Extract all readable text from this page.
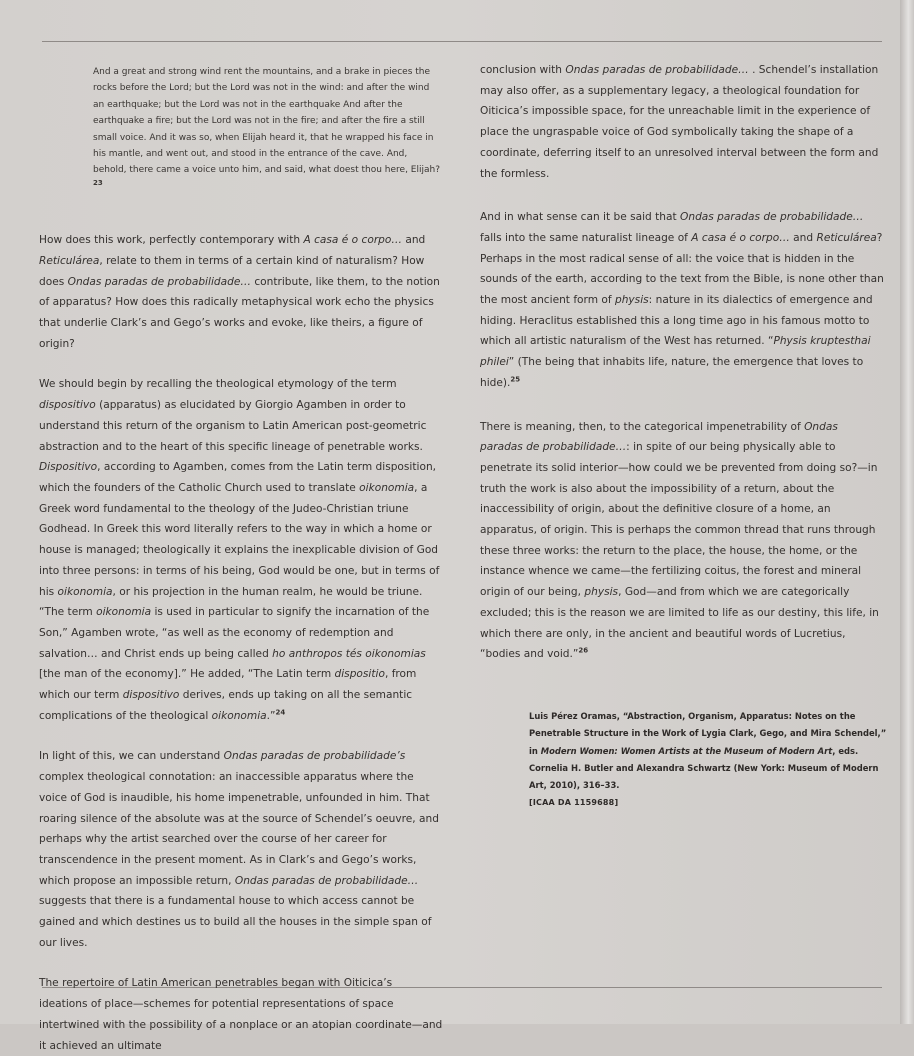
And a great and strong wind rent the mountains, and a brake in pieces the rocks before the Lord; but the Lord was not in the wind: and after the wind an earthquake; but the Lord was not in the earthquake And after the earthquake a fire; but the Lord was not in the fire; and after the fire a still small voice. And it was so, when Elijah heard it, that he wrapped his face in his mantle, and went out, and stood in the entrance of the cave. And, behold, there came a voice unto him, and said, what doest thou here, Elijah?$^{23}$

How does this work, perfectly contemporary with A casa é o corpo… and Reticulárea, relate to them in terms of a certain kind of naturalism? How does Ondas paradas de probabilidade… contribute, like them, to the notion of apparatus? How does this radically metaphysical work echo the physics that underlie Clark’s and Gego’s works and evoke, like theirs, a figure of origin?

We should begin by recalling the theological etymology of the term dispositivo (apparatus) as elucidated by Giorgio Agamben in order to understand this return of the organism to Latin American post-geometric abstraction and to the heart of this specific lineage of penetrable works. Dispositivo, according to Agamben, comes from the Latin term disposition, which the founders of the Catholic Church used to translate oikonomia, a Greek word fundamental to the theology of the Judeo-Christian triune Godhead. In Greek this word literally refers to the way in which a home or house is managed; theologically it explains the inexplicable division of God into three persons: in terms of his being, God would be one, but in terms of his oikonomia, or his projection in the human realm, he would be triune. “The term oikonomia is used in particular to signify the incarnation of the Son,” Agamben wrote, “as well as the economy of redemption and salvation… and Christ ends up being called ho anthropos tés oikonomias [the man of the economy].” He added, “The Latin term dispositio, from which our term dispositivo derives, ends up taking on all the semantic complications of the theological oikonomia.”$^{24}$

In light of this, we can understand Ondas paradas de probabilidade’s complex theological connotation: an inaccessible apparatus where the voice of God is inaudible, his home impenetrable, unfounded in him. That roaring silence of the absolute was at the source of Schendel’s oeuvre, and perhaps why the artist searched over the course of her career for transcendence in the present moment. As in Clark’s and Gego’s works, which propose an impossible return, Ondas paradas de probabilidade… suggests that there is a fundamental house to which access cannot be gained and which destines us to build all the houses in the simple span of our lives.

The repertoire of Latin American penetrables began with Oiticica’s ideations of place—schemes for potential representations of space intertwined with the possibility of a nonplace or an atopian coordinate—and it achieved an ultimate

conclusion with Ondas paradas de probabilidade… . Schendel’s installation may also offer, as a supplementary legacy, a theological foundation for Oiticica’s impossible space, for the unreachable limit in the experience of place the ungraspable voice of God symbolically taking the shape of a coordinate, deferring itself to an unresolved interval between the form and the formless.

And in what sense can it be said that Ondas paradas de probabilidade… falls into the same naturalist lineage of A casa é o corpo… and Reticulárea? Perhaps in the most radical sense of all: the voice that is hidden in the sounds of the earth, according to the text from the Bible, is none other than the most ancient form of physis: nature in its dialectics of emergence and hiding. Heraclitus established this a long time ago in his famous motto to which all artistic naturalism of the West has returned. “Physis kruptesthai philei” (The being that inhabits life, nature, the emergence that loves to hide).$^{25}$

There is meaning, then, to the categorical impenetrability of Ondas paradas de probabilidade…: in spite of our being physically able to penetrate its solid interior—how could we be prevented from doing so?—in truth the work is also about the impossibility of a return, about the inaccessibility of origin, about the definitive closure of a home, an apparatus, of origin. This is perhaps the common thread that runs through these three works: the return to the place, the house, the home, or the instance whence we came—the fertilizing coitus, the forest and mineral origin of our being, physis, God—and from which we are categorically excluded; this is the reason we are limited to life as our destiny, this life, in which there are only, in the ancient and beautiful words of Lucretius, “bodies and void.”$^{26}$

Luis Pérez Oramas, “Abstraction, Organism, Apparatus: Notes on the Penetrable Structure in the Work of Lygia Clark, Gego, and Mira Schendel,” in Modern Women: Women Artists at the Museum of Modern Art, eds. Cornelia H. Butler and Alexandra Schwartz (New York: Museum of Modern Art, 2010), 316–33.
[ICAA DA 1159688]
